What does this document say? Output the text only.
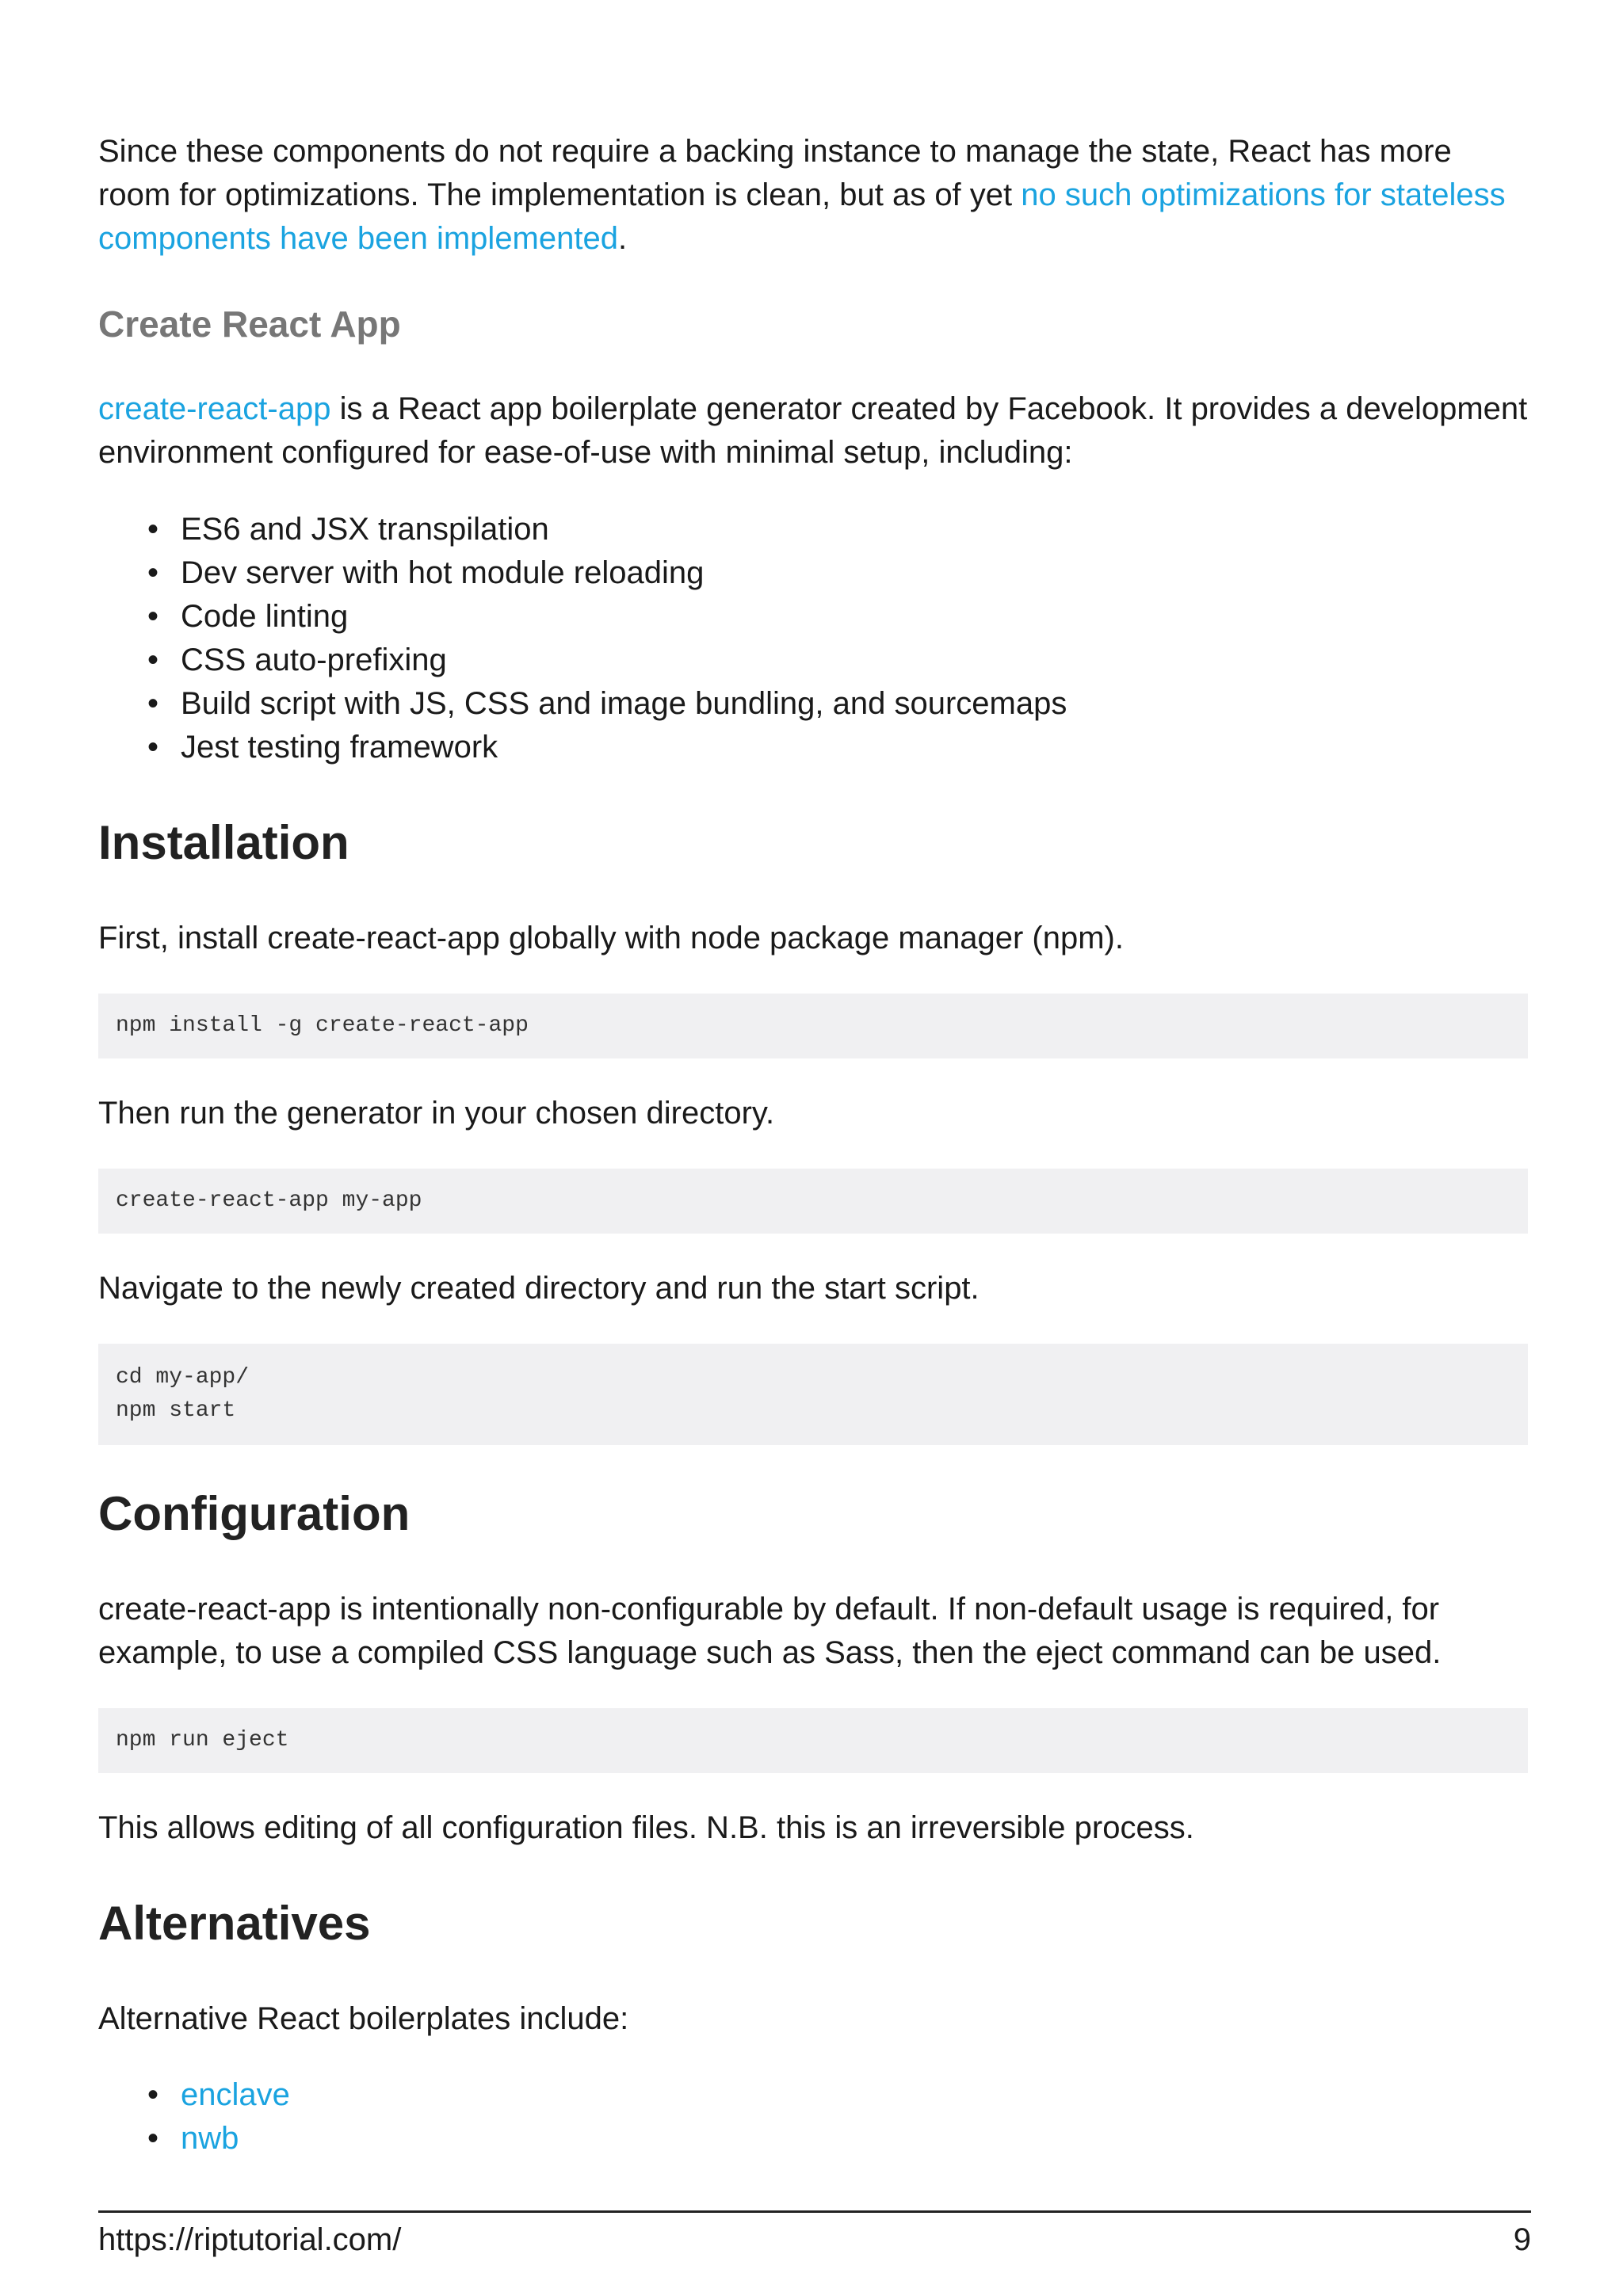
Since these components do not require a backing instance to manage the state, React has more room for optimizations. The implementation is clean, but as of yet no such optimizations for stateless components have been implemented.

Create React App

create-react-app is a React app boilerplate generator created by Facebook. It provides a development environment configured for ease-of-use with minimal setup, including:

• ES6 and JSX transpilation
• Dev server with hot module reloading
• Code linting
• CSS auto-prefixing
• Build script with JS, CSS and image bundling, and sourcemaps
• Jest testing framework
Installation

First, install create-react-app globally with node package manager (npm).

npm install -g create-react-app

Then run the generator in your chosen directory.

create-react-app my-app

Navigate to the newly created directory and run the start script.

cd my-app/
npm start
Configuration

create-react-app is intentionally non-configurable by default. If non-default usage is required, for example, to use a compiled CSS language such as Sass, then the eject command can be used.

npm run eject

This allows editing of all configuration files. N.B. this is an irreversible process.

Alternatives

Alternative React boilerplates include:

• enclave
• nwb
https://riptutorial.com/	9
